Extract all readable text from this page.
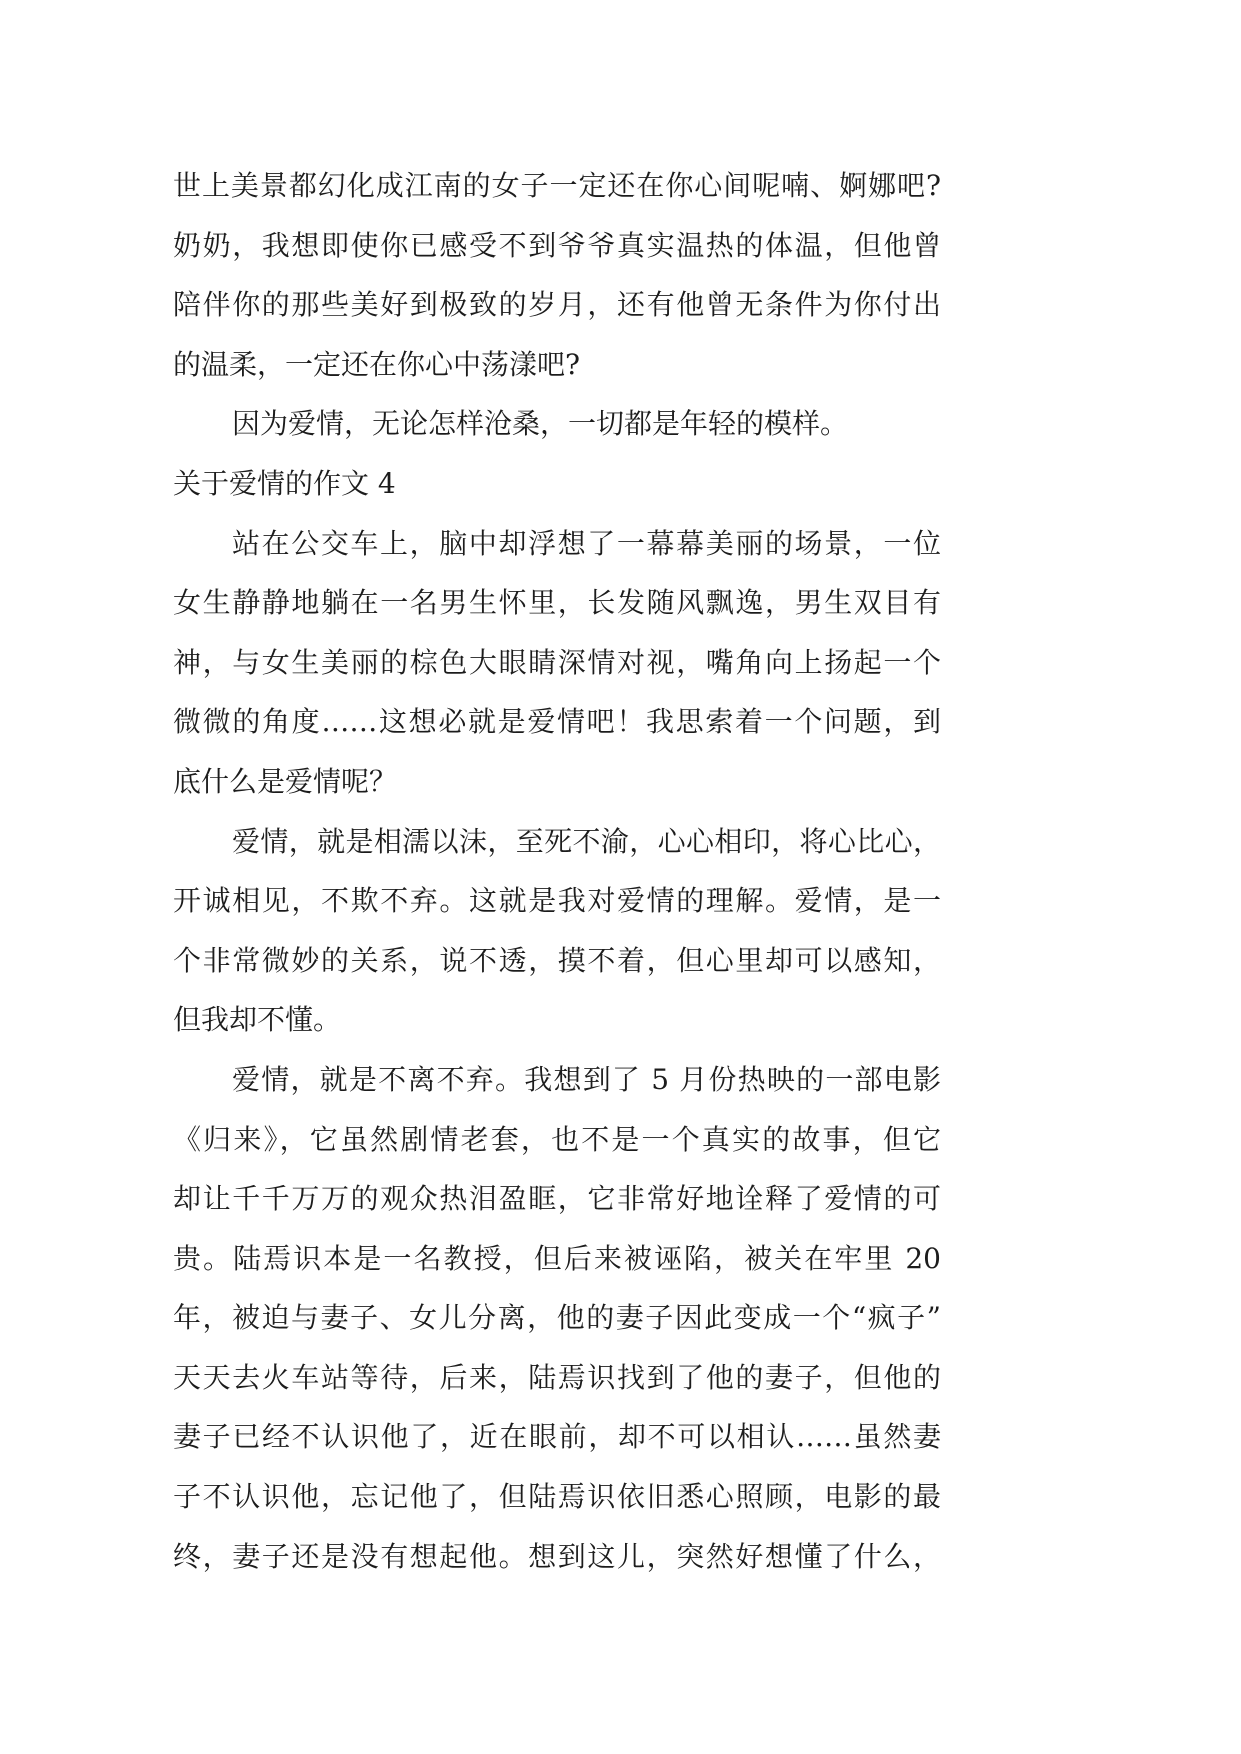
世上美景都幻化成江南的女子一定还在你心间呢喃、婀娜吧?
奶奶，我想即使你已感受不到爷爷真实温热的体温，但他曾
陪伴你的那些美好到极致的岁月，还有他曾无条件为你付出
的温柔，一定还在你心中荡漾吧?
因为爱情，无论怎样沧桑，一切都是年轻的模样。
关于爱情的作文 4
站在公交车上，脑中却浮想了一幕幕美丽的场景，一位
女生静静地躺在一名男生怀里，长发随风飘逸，男生双目有
神，与女生美丽的棕色大眼睛深情对视，嘴角向上扬起一个
微微的角度……这想必就是爱情吧！我思索着一个问题，到
底什么是爱情呢？
爱情，就是相濡以沫，至死不渝，心心相印，将心比心，
开诚相见，不欺不弃。这就是我对爱情的理解。爱情，是一
个非常微妙的关系，说不透，摸不着，但心里却可以感知，
但我却不懂。
爱情，就是不离不弃。我想到了 5 月份热映的一部电影
《归来》，它虽然剧情老套，也不是一个真实的故事，但它
却让千千万万的观众热泪盈眶，它非常好地诠释了爱情的可
贵。陆焉识本是一名教授，但后来被诬陷，被关在牢里 20
年，被迫与妻子、女儿分离，他的妻子因此变成一个“疯子”
天天去火车站等待，后来，陆焉识找到了他的妻子，但他的
妻子已经不认识他了，近在眼前，却不可以相认……虽然妻
子不认识他，忘记他了，但陆焉识依旧悉心照顾，电影的最
终，妻子还是没有想起他。想到这儿，突然好想懂了什么，
